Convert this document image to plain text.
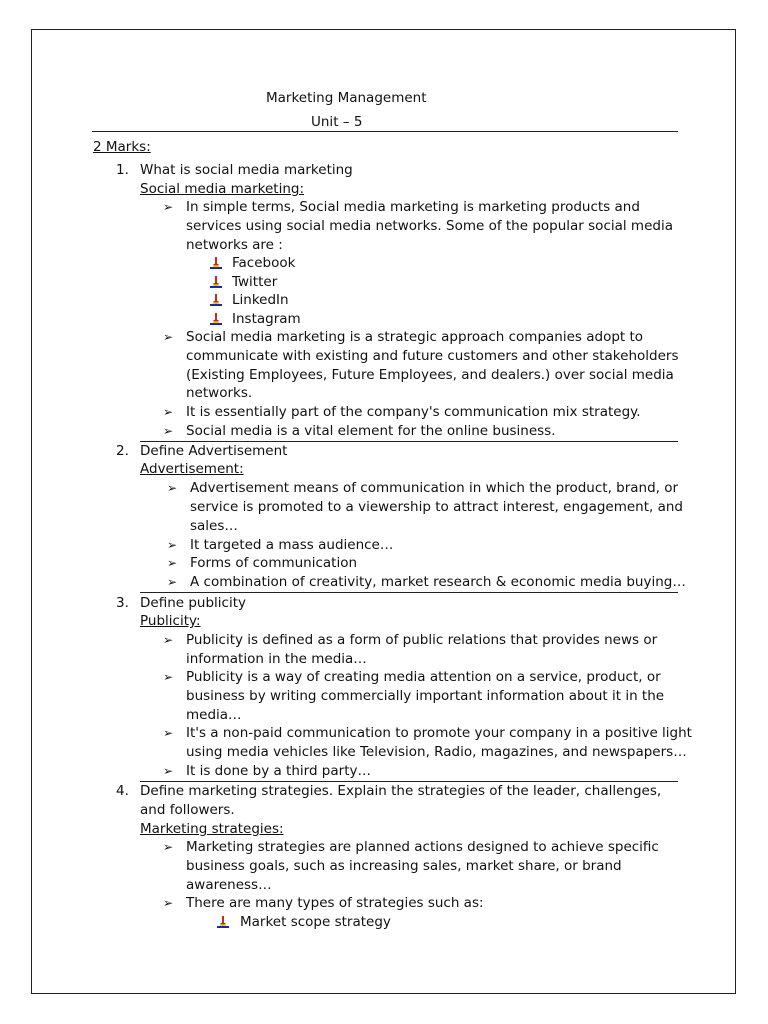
Marketing Management
Unit – 5
2 Marks:
1. What is social media marketing
Social media marketing:
➢ In simple terms, Social media marketing is marketing products and
services using social media networks. Some of the popular social media
networks are :
Facebook
Twitter
LinkedIn
Instagram
➢ Social media marketing is a strategic approach companies adopt to
communicate with existing and future customers and other stakeholders
(Existing Employees, Future Employees, and dealers.) over social media
networks.
➢ It is essentially part of the company's communication mix strategy.
➢ Social media is a vital element for the online business.
2. Define Advertisement
Advertisement:
➢ Advertisement means of communication in which the product, brand, or
service is promoted to a viewership to attract interest, engagement, and
sales…
➢ It targeted a mass audience…
➢ Forms of communication
➢ A combination of creativity, market research & economic media buying…
3. Define publicity
Publicity:
➢ Publicity is defined as a form of public relations that provides news or
information in the media…
➢ Publicity is a way of creating media attention on a service, product, or
business by writing commercially important information about it in the
media…
➢ It's a non-paid communication to promote your company in a positive light
using media vehicles like Television, Radio, magazines, and newspapers…
➢ It is done by a third party…
4. Define marketing strategies. Explain the strategies of the leader, challenges,
and followers.
Marketing strategies:
➢ Marketing strategies are planned actions designed to achieve specific
business goals, such as increasing sales, market share, or brand
awareness…
➢ There are many types of strategies such as:
Market scope strategy
